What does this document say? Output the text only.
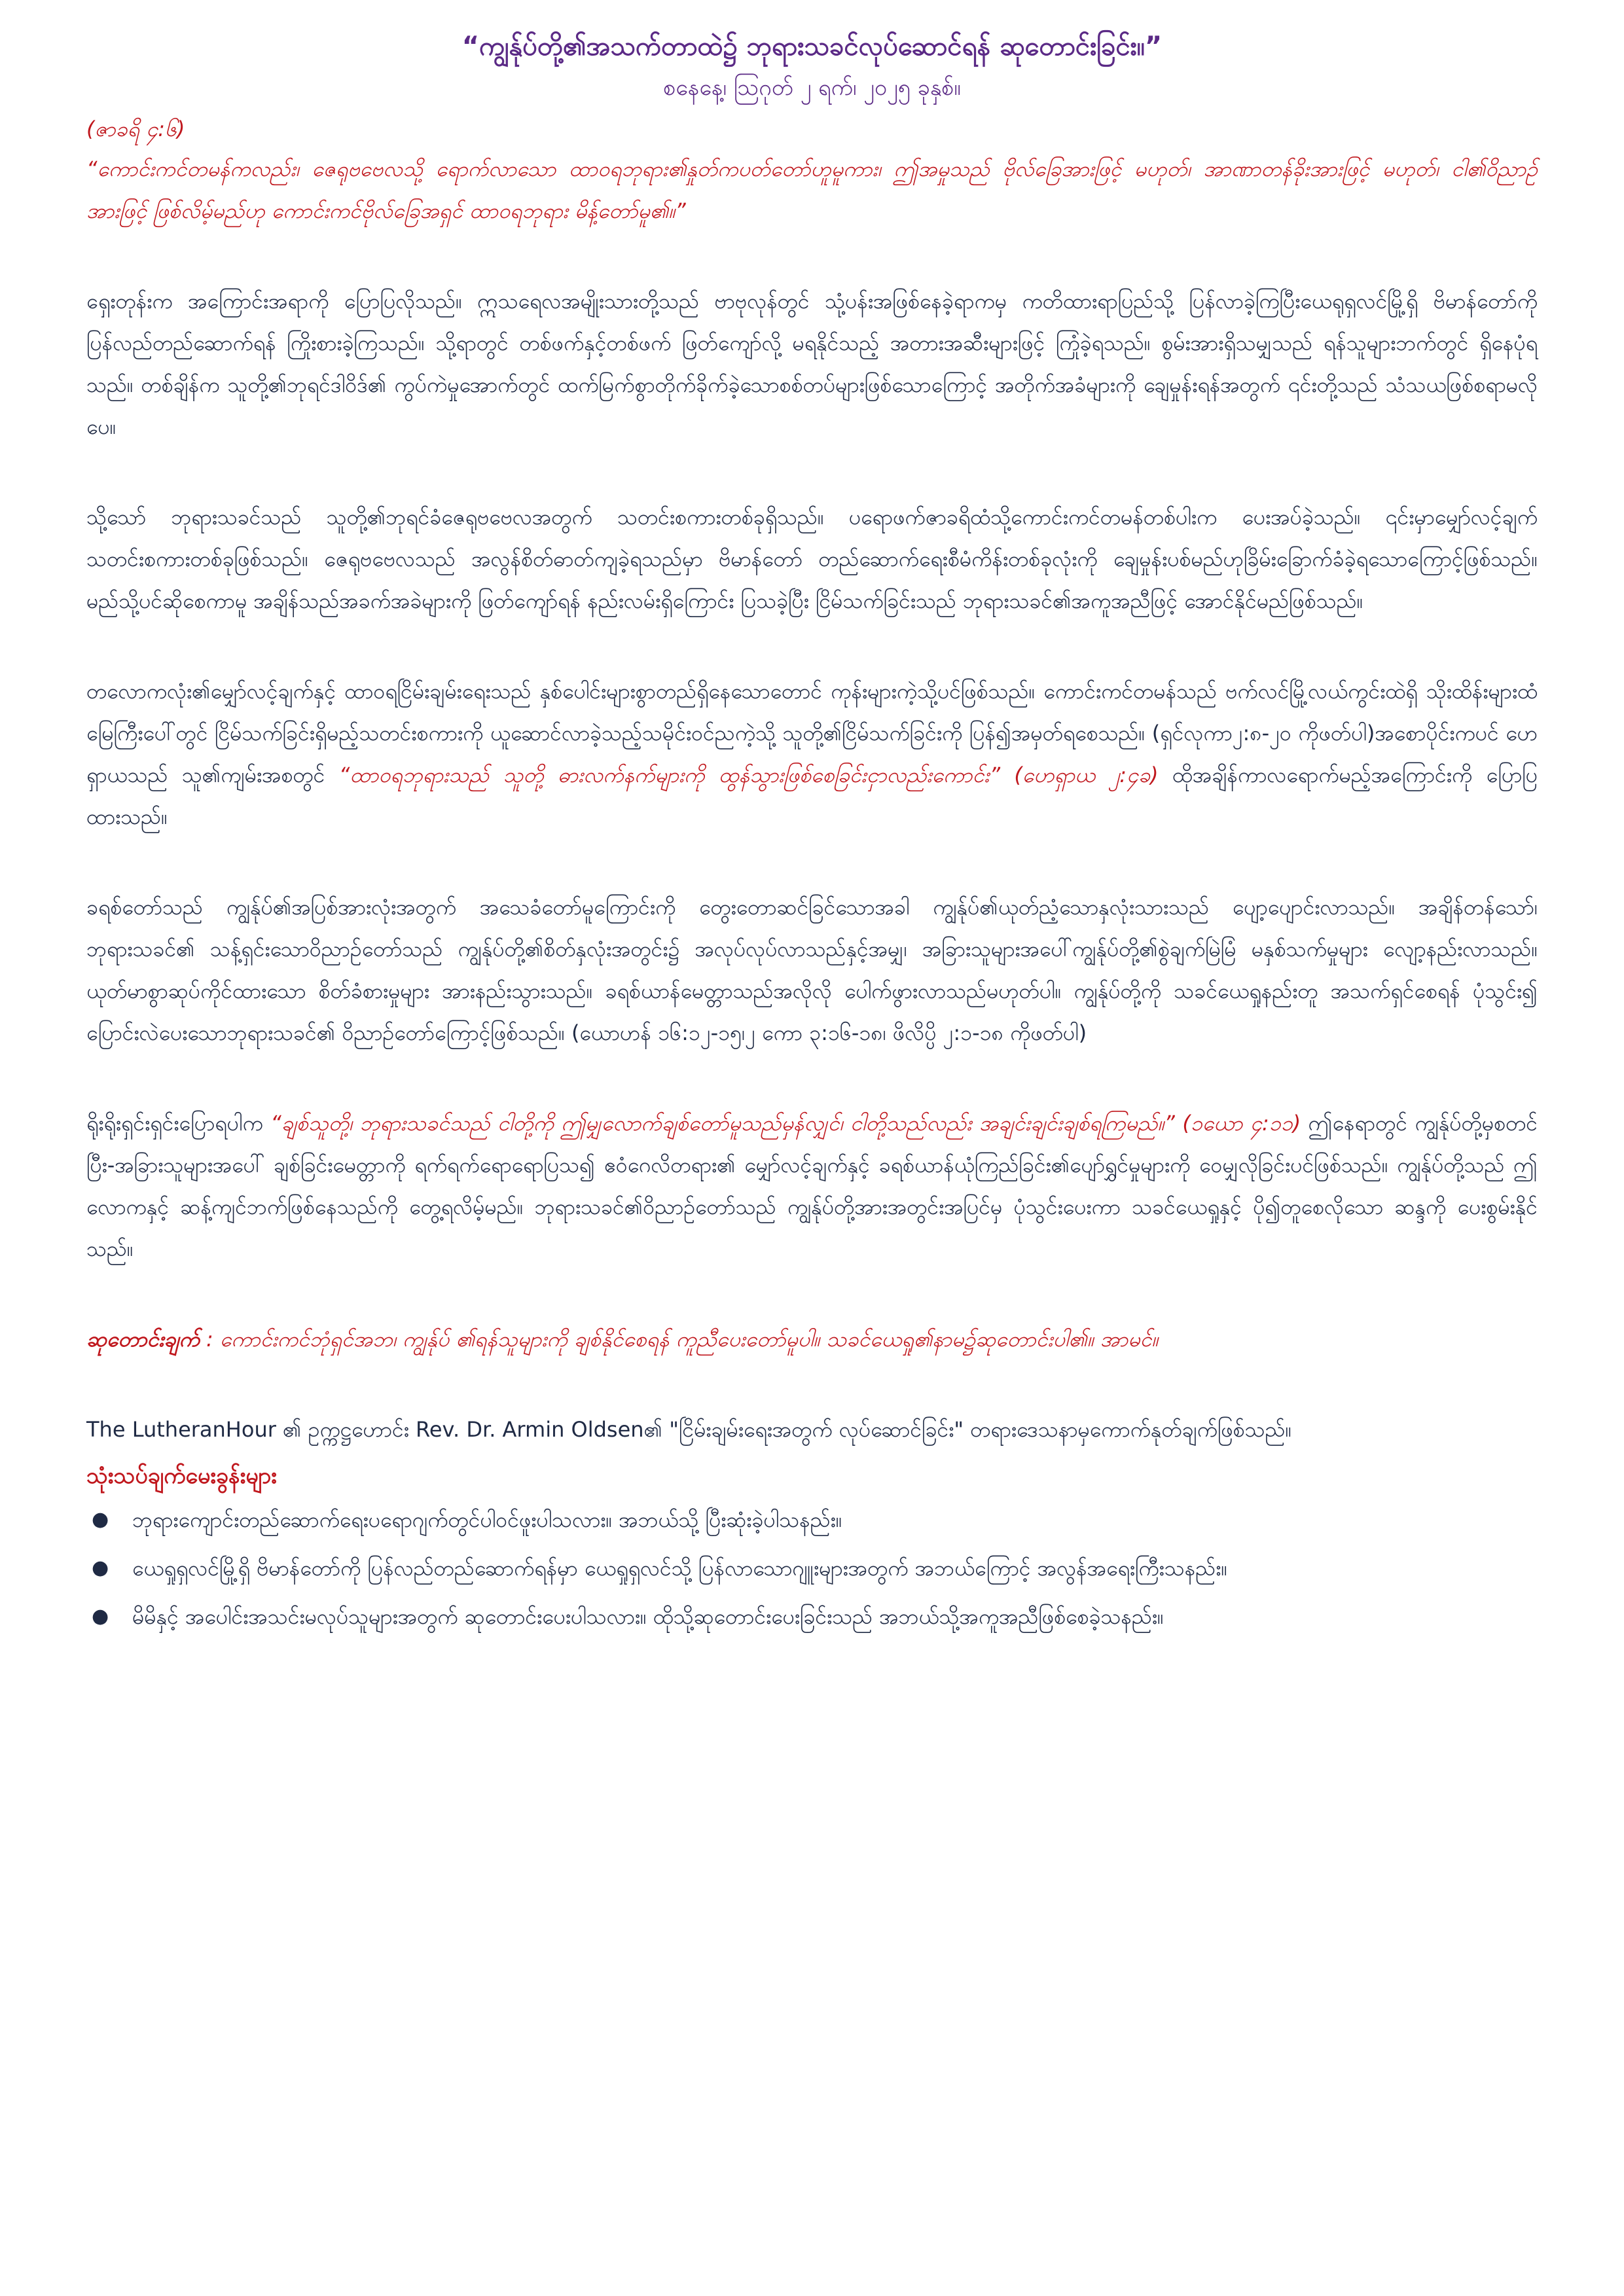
“ကျွန်ုပ်တို့၏အသက်တာထဲ၌ ဘုရားသခင်လုပ်ဆောင်ရန် ဆုတောင်းခြင်း။”

စနေနေ့၊ ဩဂုတ် ၂ ရက်၊ ၂၀၂၅ ခုနှစ်။

(ဇာခရိ ၄:၆)

“ကောင်းကင်တမန်ကလည်း၊ ဇေရုဗဗေလသို့ ရောက်လာသော ထာဝရဘုရား၏နှုတ်ကပတ်တော်ဟူမူကား၊ ဤအမှုသည် ဗိုလ်ခြေအားဖြင့် မဟုတ်၊ အာဏာတန်ခိုးအားဖြင့် မဟုတ်၊ ငါ၏ဝိညာဉ်အားဖြင့် ဖြစ်လိမ့်မည်ဟု ကောင်းကင်ဗိုလ်ခြေအရှင် ထာဝရဘုရား မိန့်တော်မူ၏။”

ရှေးတုန်းက အကြောင်းအရာကို ပြောပြလိုသည်။ ဣသရေလအမျိုးသားတို့သည် ဗာဗုလုန်တွင် သုံ့ပန်းအဖြစ်နေခဲ့ရာကမှ ကတိထားရာပြည်သို့ ပြန်လာခဲ့ကြပြီးယေရုရှလင်မြို့ရှိ ဗိမာန်တော်ကို ပြန်လည်တည်ဆောက်ရန် ကြိုးစားခဲ့ကြသည်။ သို့ရာတွင် တစ်ဖက်နှင့်တစ်ဖက် ဖြတ်ကျော်လို့ မရနိုင်သည့် အတားအဆီးများဖြင့် ကြုံခဲ့ရသည်။ စွမ်းအားရှိသမျှသည် ရန်သူများဘက်တွင် ရှိနေပုံရသည်။ တစ်ချိန်က သူတို့၏ဘုရင်ဒါဝိဒ်၏ ကွပ်ကဲမှုအောက်တွင် ထက်မြက်စွာတိုက်ခိုက်ခဲ့သောစစ်တပ်များဖြစ်သောကြောင့် အတိုက်အခံများကို ချေမှုန်းရန်အတွက် ၎င်းတို့သည် သံသယဖြစ်စရာမလိုပေ။

သို့သော် ဘုရားသခင်သည် သူတို့၏ဘုရင်ခံဇေရုဗဗေလအတွက် သတင်းစကားတစ်ခုရှိသည်။ ပရောဖက်ဇာခရိထံသို့ကောင်းကင်တမန်တစ်ပါးက ပေးအပ်ခဲ့သည်။ ၎င်းမှာမျှော်လင့်ချက် သတင်းစကားတစ်ခုဖြစ်သည်။ ဇေရုဗဗေလသည် အလွန်စိတ်ဓာတ်ကျခဲ့ရသည်မှာ ဗိမာန်တော် တည်ဆောက်ရေးစီမံကိန်းတစ်ခုလုံးကို ချေမှုန်းပစ်မည်ဟုခြိမ်းခြောက်ခံခဲ့ရသောကြောင့်ဖြစ်သည်။ မည်သို့ပင်ဆိုစေကာမူ အချိန်သည်အခက်အခဲများကို ဖြတ်ကျော်ရန် နည်းလမ်းရှိကြောင်း ပြသခဲ့ပြီး ငြိမ်သက်ခြင်းသည် ဘုရားသခင်၏အကူအညီဖြင့် အောင်နိုင်မည်ဖြစ်သည်။

တလောကလုံး၏မျှော်လင့်ချက်နှင့် ထာဝရငြိမ်းချမ်းရေးသည် နှစ်ပေါင်းများစွာတည်ရှိနေသောတောင် ကုန်းများကဲ့သို့ပင်ဖြစ်သည်။ ကောင်းကင်တမန်သည် ဗက်လင်မြို့လယ်ကွင်းထဲရှိ သိုးထိန်းများထံ မြေကြီးပေါ်တွင် ငြိမ်သက်ခြင်းရှိမည့်သတင်းစကားကို ယူဆောင်လာခဲ့သည့်သမိုင်းဝင်ညကဲ့သို့ သူတို့၏ငြိမ်သက်ခြင်းကို ပြန်၍အမှတ်ရစေသည်။ (ရှင်လုကာ၂:၈-၂၀ ကိုဖတ်ပါ)အစောပိုင်းကပင် ဟေရှာယသည် သူ၏ကျမ်းအစတွင် “ထာဝရဘုရားသည် သူတို့ ဓားလက်နက်များကို ထွန်သွားဖြစ်စေခြင်းငှာလည်းကောင်း” (ဟေရှာယ ၂:၄ခ) ထိုအချိန်ကာလရောက်မည့်အကြောင်းကို ပြောပြထားသည်။

ခရစ်တော်သည် ကျွန်ုပ်၏အပြစ်အားလုံးအတွက် အသေခံတော်မူကြောင်းကို တွေးတောဆင်ခြင်သောအခါ ကျွန်ုပ်၏ယုတ်ညံ့သောနှလုံးသားသည် ပျော့ပျောင်းလာသည်။ အချိန်တန်သော်၊ ဘုရားသခင်၏ သန့်ရှင်းသောဝိညာဉ်တော်သည် ကျွန်ုပ်တို့၏စိတ်နှလုံးအတွင်း၌ အလုပ်လုပ်လာသည်နှင့်အမျှ၊ အခြားသူများအပေါ်ကျွန်ုပ်တို့၏စွဲချက်မြဲမြံ မနှစ်သက်မှုများ လျော့နည်းလာသည်။ ယုတ်မာစွာဆုပ်ကိုင်ထားသော စိတ်ခံစားမှုများ အားနည်းသွားသည်။ ခရစ်ယာန်မေတ္တာသည်အလိုလို ပေါက်ဖွားလာသည်မဟုတ်ပါ။ ကျွန်ုပ်တို့ကို သခင်ယေရှုနည်းတူ အသက်ရှင်စေရန် ပုံသွင်း၍ ပြောင်းလဲပေးသောဘုရားသခင်၏ ဝိညာဉ်တော်ကြောင့်ဖြစ်သည်။ (ယောဟန် ၁၆:၁၂-၁၅၊၂ ကော ၃:၁၆-၁၈၊ ဖိလိပ္ပိ ၂:၁-၁၈ ကိုဖတ်ပါ)

ရိုးရိုးရှင်းရှင်းပြောရပါက “ချစ်သူတို့၊ ဘုရားသခင်သည် ငါတို့ကို ဤမျှလောက်ချစ်တော်မူသည်မှန်လျှင်၊ ငါတို့သည်လည်း အချင်းချင်းချစ်ရကြမည်။” (၁ယော ၄:၁၁) ဤနေရာတွင် ကျွန်ုပ်တို့မှစတင်ပြီး-အခြားသူများအပေါ် ချစ်ခြင်းမေတ္တာကို ရက်ရက်ရောရောပြသ၍ ဧဝံဂေလိတရား၏ မျှော်လင့်ချက်နှင့် ခရစ်ယာန်ယုံကြည်ခြင်း၏ပျော်ရွှင်မှုများကို ဝေမျှလိုခြင်းပင်ဖြစ်သည်။ ကျွန်ုပ်တို့သည် ဤလောကနှင့် ဆန့်ကျင်ဘက်ဖြစ်နေသည်ကို တွေ့ရလိမ့်မည်။ ဘုရားသခင်၏ဝိညာဉ်တော်သည် ကျွန်ုပ်တို့အားအတွင်းအပြင်မှ ပုံသွင်းပေးကာ သခင်ယေရှုနှင့် ပို၍တူစေလိုသော ဆန္ဒကို ပေးစွမ်းနိုင်သည်။

ဆုတောင်းချက် : ကောင်းကင်ဘုံရှင်အဘ၊ ကျွန်ုပ် ၏ရန်သူများကို ချစ်နိုင်စေရန် ကူညီပေးတော်မူပါ။ သခင်ယေရှု၏နာမ၌ဆုတောင်းပါ၏။ အာမင်။

The LutheranHour ၏ ဥက္ကဋ္ဌဟောင်း Rev. Dr. Armin Oldsen၏ "ငြိမ်းချမ်းရေးအတွက် လုပ်ဆောင်ခြင်း" တရားဒေသနာမှကောက်နုတ်ချက်ဖြစ်သည်။

သုံးသပ်ချက်မေးခွန်းများ
● ဘုရားကျောင်းတည်ဆောက်ရေးပရောဂျက်တွင်ပါဝင်ဖူးပါသလား။ အဘယ်သို့ ပြီးဆုံးခဲ့ပါသနည်း။
● ယေရှုရှလင်မြို့ရှိ ဗိမာန်တော်ကို ပြန်လည်တည်ဆောက်ရန်မှာ ယေရှုရှလင်သို့ ပြန်လာသောဂျူးများအတွက် အဘယ်ကြောင့် အလွန်အရေးကြီးသနည်း။
● မိမိနှင့် အပေါင်းအသင်းမလုပ်သူများအတွက် ဆုတောင်းပေးပါသလား။ ထိုသို့ဆုတောင်းပေးခြင်းသည် အဘယ်သို့အကူအညီဖြစ်စေခဲ့သနည်း။
